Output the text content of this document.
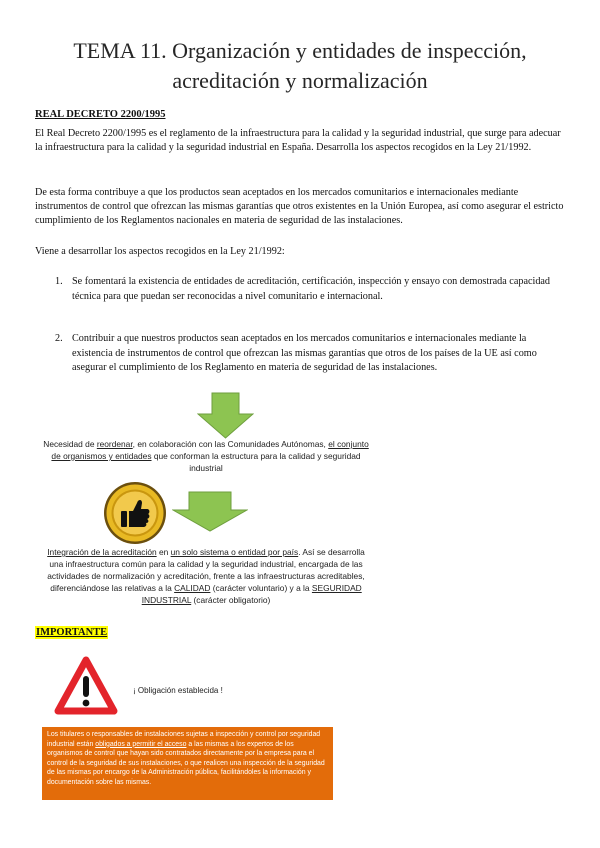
TEMA 11. Organización y entidades de inspección,
acreditación y normalización
REAL DECRETO 2200/1995
El Real Decreto 2200/1995 es el reglamento de la infraestructura para la calidad y la seguridad industrial, que surge para adecuar la infraestructura para la calidad y la seguridad industrial en España. Desarrolla los aspectos recogidos en la Ley 21/1992.
De esta forma contribuye a que los productos sean aceptados en los mercados comunitarios e internacionales mediante instrumentos de control que ofrezcan las mismas garantías que otros existentes en la Unión Europea, así como asegurar el estricto cumplimiento de los Reglamentos nacionales en materia de seguridad de las instalaciones.
Viene a desarrollar los aspectos recogidos en la Ley 21/1992:
1. Se fomentará la existencia de entidades de acreditación, certificación, inspección y ensayo con demostrada capacidad técnica para que puedan ser reconocidas a nivel comunitario e internacional.
2. Contribuir a que nuestros productos sean aceptados en los mercados comunitarios e internacionales mediante la existencia de instrumentos de control que ofrezcan las mismas garantías que otros de los países de la UE así como asegurar el cumplimiento de los Reglamento en materia de seguridad de las instalaciones.
Necesidad de reordenar, en colaboración con las Comunidades Autónomas, el conjunto de organismos y entidades que conforman la estructura para la calidad y seguridad industrial
Integración de la acreditación en un solo sistema o entidad por país. Así se desarrolla una infraestructura común para la calidad y la seguridad industrial, encargada de las actividades de normalización y acreditación, frente a las infraestructuras acreditables, diferenciándose las relativas a la CALIDAD (carácter voluntario) y a la SEGURIDAD INDUSTRIAL (carácter obligatorio)
IMPORTANTE
¡ Obligación establecida !
Los titulares o responsables de instalaciones sujetas a inspección y control por seguridad industrial están obligados a permitir el acceso a las mismas a los expertos de los organismos de control que hayan sido contratados directamente por la empresa para el control de la seguridad de sus instalaciones, o que realicen una inspección de la seguridad de las mismas por encargo de la Administración pública, facilitándoles la información y documentación sobre las mismas.
